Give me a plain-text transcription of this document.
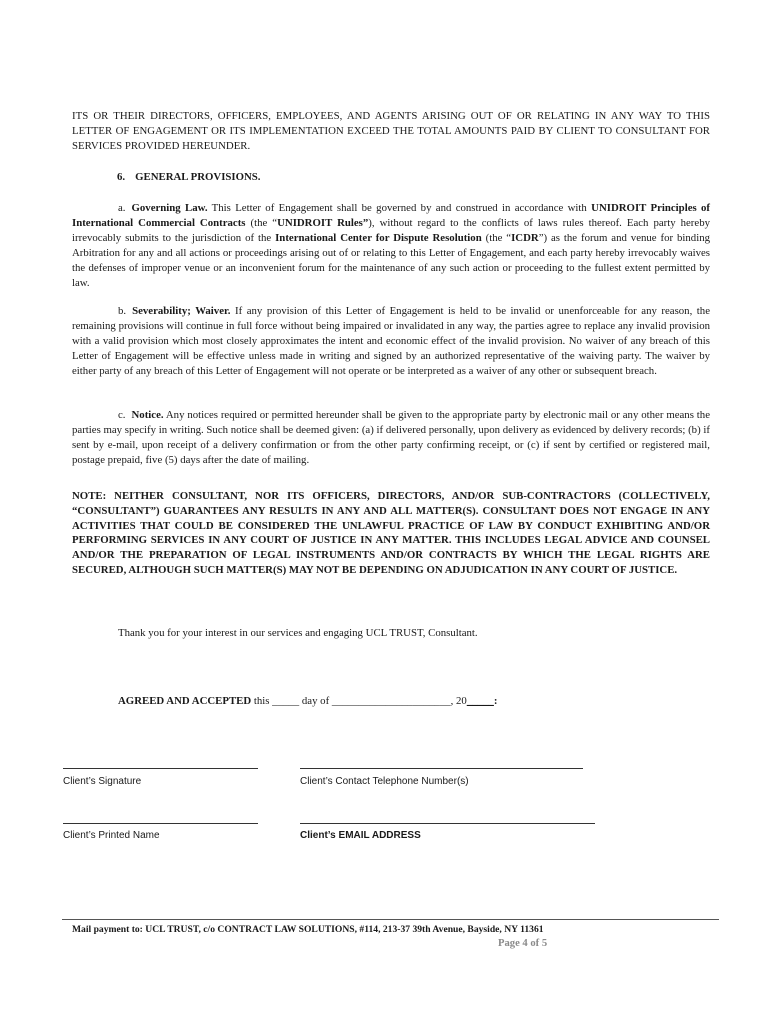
ITS OR THEIR DIRECTORS, OFFICERS, EMPLOYEES, AND AGENTS ARISING OUT OF OR RELATING IN ANY WAY TO THIS LETTER OF ENGAGEMENT OR ITS IMPLEMENTATION EXCEED THE TOTAL AMOUNTS PAID BY CLIENT TO CONSULTANT FOR SERVICES PROVIDED HEREUNDER.
6. GENERAL PROVISIONS.
a. Governing Law. This Letter of Engagement shall be governed by and construed in accordance with UNIDROIT Principles of International Commercial Contracts (the “UNIDROIT Rules”), without regard to the conflicts of laws rules thereof. Each party hereby irrevocably submits to the jurisdiction of the International Center for Dispute Resolution (the “ICDR”) as the forum and venue for binding Arbitration for any and all actions or proceedings arising out of or relating to this Letter of Engagement, and each party hereby irrevocably waives the defenses of improper venue or an inconvenient forum for the maintenance of any such action or proceeding to the fullest extent permitted by law.
b. Severability; Waiver. If any provision of this Letter of Engagement is held to be invalid or unenforceable for any reason, the remaining provisions will continue in full force without being impaired or invalidated in any way, the parties agree to replace any invalid provision with a valid provision which most closely approximates the intent and economic effect of the invalid provision. No waiver of any breach of this Letter of Engagement will be effective unless made in writing and signed by an authorized representative of the waiving party. The waiver by either party of any breach of this Letter of Engagement will not operate or be interpreted as a waiver of any other or subsequent breach.
c. Notice. Any notices required or permitted hereunder shall be given to the appropriate party by electronic mail or any other means the parties may specify in writing. Such notice shall be deemed given: (a) if delivered personally, upon delivery as evidenced by delivery records; (b) if sent by e-mail, upon receipt of a delivery confirmation or from the other party confirming receipt, or (c) if sent by certified or registered mail, postage prepaid, five (5) days after the date of mailing.
NOTE: NEITHER CONSULTANT, NOR ITS OFFICERS, DIRECTORS, AND/OR SUB-CONTRACTORS (COLLECTIVELY, “CONSULTANT”) GUARANTEES ANY RESULTS IN ANY AND ALL MATTER(S). CONSULTANT DOES NOT ENGAGE IN ANY ACTIVITIES THAT COULD BE CONSIDERED THE UNLAWFUL PRACTICE OF LAW BY CONDUCT EXHIBITING AND/OR PERFORMING SERVICES IN ANY COURT OF JUSTICE IN ANY MATTER. THIS INCLUDES LEGAL ADVICE AND COUNSEL AND/OR THE PREPARATION OF LEGAL INSTRUMENTS AND/OR CONTRACTS BY WHICH THE LEGAL RIGHTS ARE SECURED, ALTHOUGH SUCH MATTER(S) MAY NOT BE DEPENDING ON ADJUDICATION IN ANY COURT OF JUSTICE.
Thank you for your interest in our services and engaging UCL TRUST, Consultant.
AGREED AND ACCEPTED this _____ day of ______________________, 20_____:
Client’s Signature	Client’s Contact Telephone Number(s)
Client’s Printed Name	Client’s EMAIL ADDRESS
Mail payment to: UCL TRUST, c/o CONTRACT LAW SOLUTIONS, #114, 213-37 39th Avenue, Bayside, NY 11361
Page 4 of 5
